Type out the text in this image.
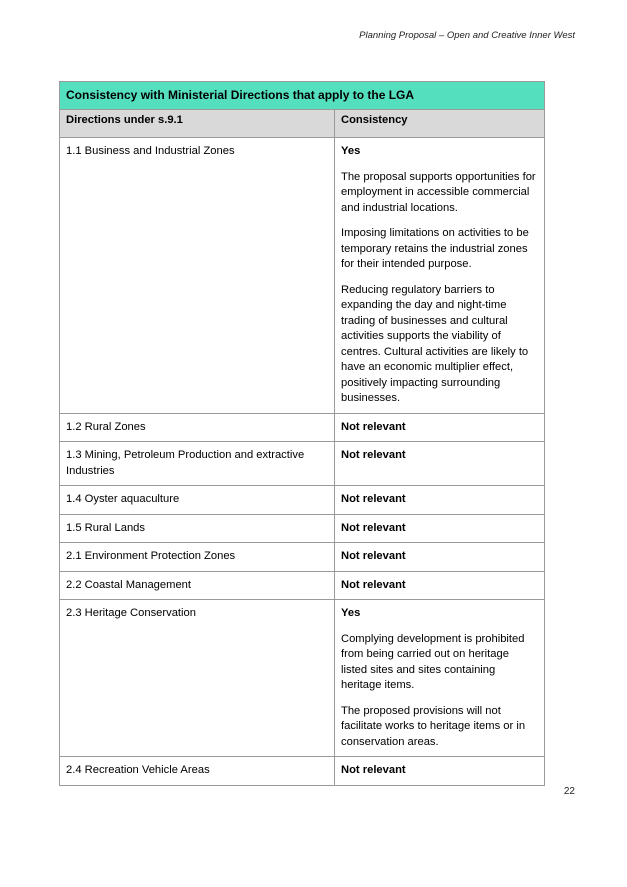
Planning Proposal – Open and Creative Inner West
Consistency with Ministerial Directions that apply to the LGA	
Directions under s.9.1	Consistency
1.1 Business and Industrial Zones	Yes
The proposal supports opportunities for employment in accessible commercial and industrial locations.
Imposing limitations on activities to be temporary retains the industrial zones for their intended purpose.
Reducing regulatory barriers to expanding the day and night-time trading of businesses and cultural activities supports the viability of centres. Cultural activities are likely to have an economic multiplier effect, positively impacting surrounding businesses.

1.2 Rural Zones	Not relevant

1.3 Mining, Petroleum Production and extractive Industries	Not relevant

1.4 Oyster aquaculture	Not relevant

1.5 Rural Lands	Not relevant

2.1 Environment Protection Zones	Not relevant

2.2 Coastal Management	Not relevant

2.3 Heritage Conservation	Yes
Complying development is prohibited from being carried out on heritage listed sites and sites containing heritage items.
The proposed provisions will not facilitate works to heritage items or in conservation areas.

2.4 Recreation Vehicle Areas	Not relevant
22
